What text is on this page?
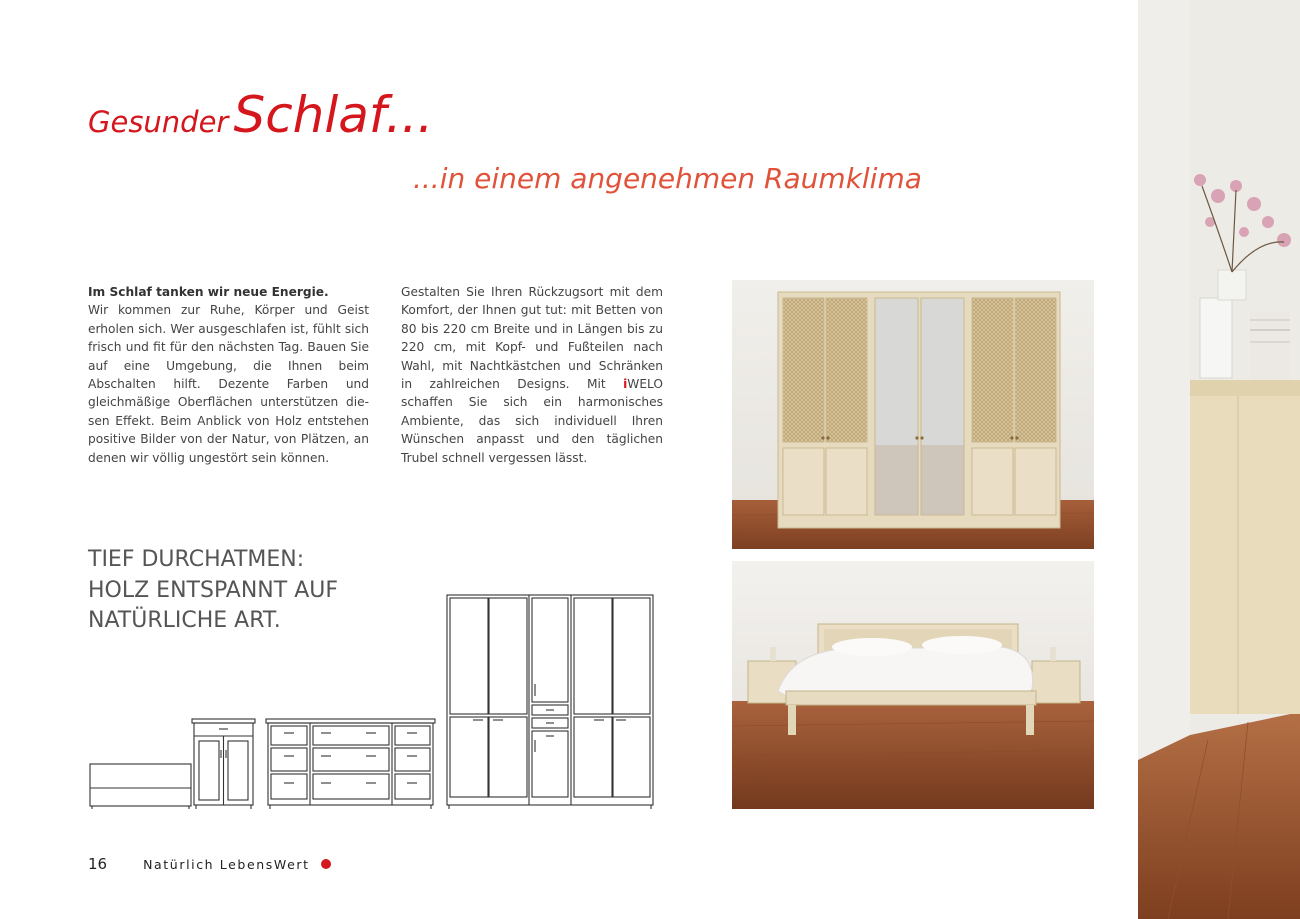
Gesunder Schlaf...
...in einem angenehmen Raumklima

Im Schlaf tanken wir neue Energie.

Wir kommen zur Ruhe, Körper und Geist erholen sich. Wer ausgeschlafen ist, fühlt sich frisch und fit für den nächsten Tag. Bauen Sie auf eine Umgebung, die Ihnen beim Abschalten hilft. Dezente Farben und gleichmäßige Oberflächen unterstützen diesen Effekt. Beim Anblick von Holz entstehen positive Bilder von der Natur, von Plätzen, an denen wir völlig ungestört sein können.

Gestalten Sie Ihren Rückzugsort mit dem Komfort, der Ihnen gut tut: mit Betten von 80 bis 220 cm Breite und in Längen bis zu 220 cm, mit Kopf- und Fußteilen nach Wahl, mit Nachtkästchen und Schränken in zahlreichen Designs. Mit iWELO schaffen Sie sich ein harmonisches Ambiente, das sich individuell Ihren Wünschen anpasst und den täglichen Trubel schnell vergessen lässt.

TIEF DURCHATMEN:
HOLZ ENTSPANNT AUF
NATÜRLICHE ART.
16	Natürlich LebensWert
